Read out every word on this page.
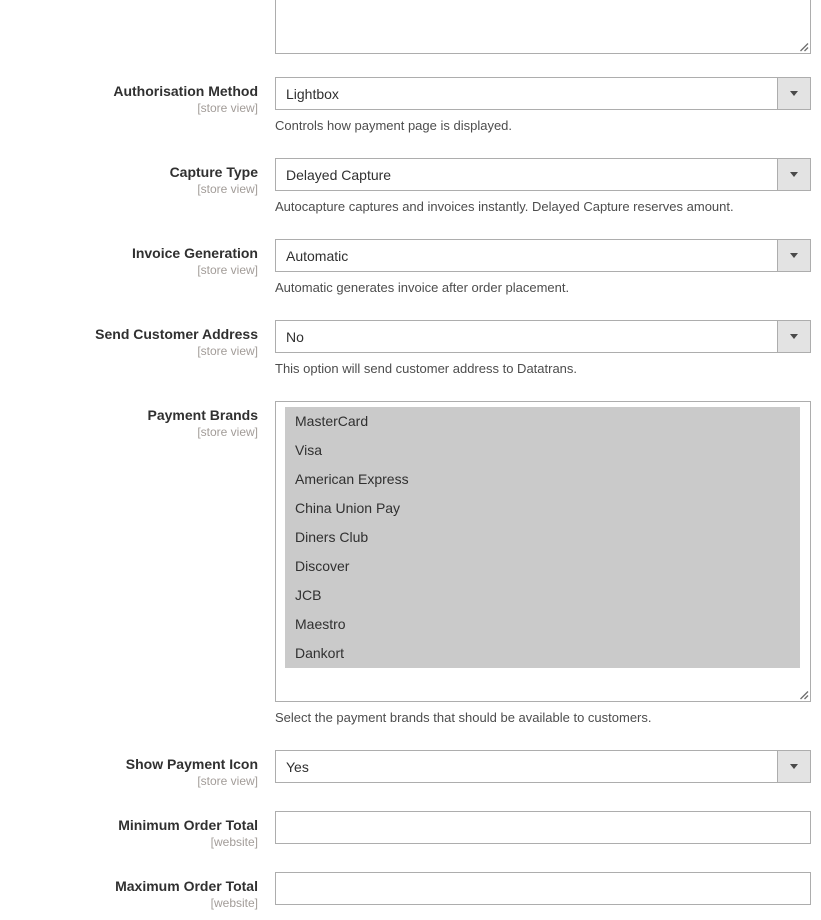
Authorisation Method
[store view]
Lightbox

Controls how payment page is displayed.

Capture Type
[store view]
Delayed Capture

Autocapture captures and invoices instantly. Delayed Capture reserves amount.

Invoice Generation
[store view]
Automatic

Automatic generates invoice after order placement.

Send Customer Address
[store view]
No

This option will send customer address to Datatrans.

Payment Brands
[store view]
MasterCard
Visa
American Express
China Union Pay
Diners Club
Discover
JCB
Maestro
Dankort

Select the payment brands that should be available to customers.

Show Payment Icon
[store view]
Yes
Minimum Order Total
[website]
Maximum Order Total
[website]
